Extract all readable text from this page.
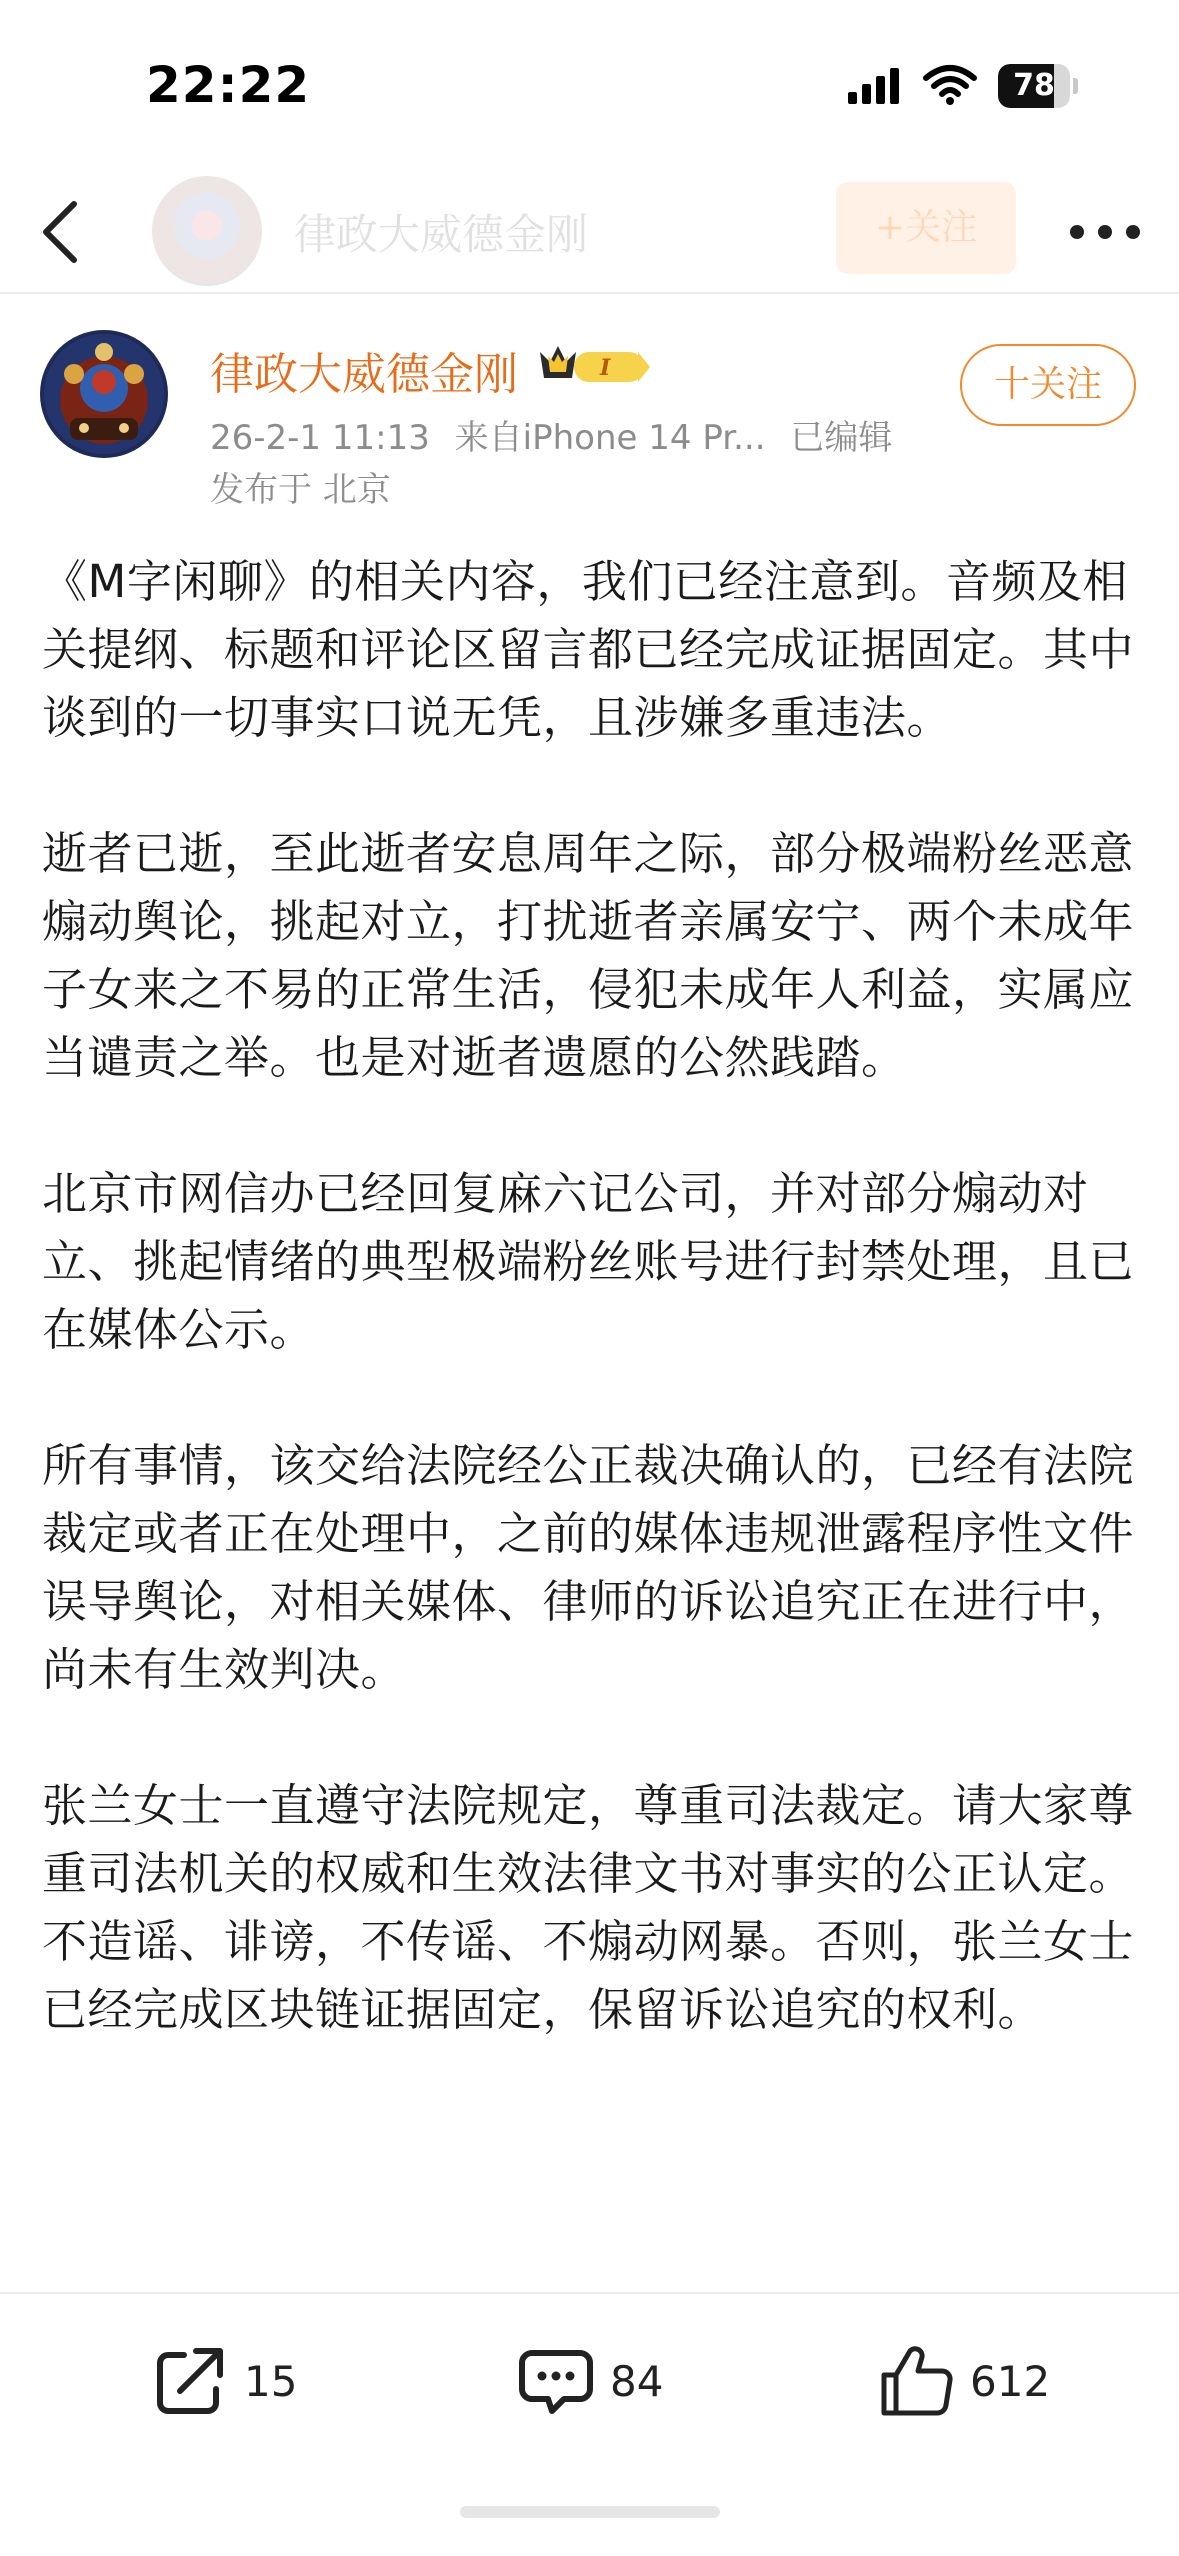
22:22	78
律政大威德金刚	+关注
律政大威德金刚	I
26-2-1 11:13 来自iPhone 14 Pr... 已编辑
发布于 北京
十关注

《M字闲聊》的相关内容，我们已经注意到。音频及相关提纲、标题和评论区留言都已经完成证据固定。其中谈到的一切事实口说无凭，且涉嫌多重违法。

逝者已逝，至此逝者安息周年之际，部分极端粉丝恶意煽动舆论，挑起对立，打扰逝者亲属安宁、两个未成年子女来之不易的正常生活，侵犯未成年人利益，实属应当谴责之举。也是对逝者遗愿的公然践踏。

北京市网信办已经回复麻六记公司，并对部分煽动对立、挑起情绪的典型极端粉丝账号进行封禁处理，且已在媒体公示。

所有事情，该交给法院经公正裁决确认的，已经有法院裁定或者正在处理中，之前的媒体违规泄露程序性文件误导舆论，对相关媒体、律师的诉讼追究正在进行中，尚未有生效判决。

张兰女士一直遵守法院规定，尊重司法裁定。请大家尊重司法机关的权威和生效法律文书对事实的公正认定。不造谣、诽谤，不传谣、不煽动网暴。否则，张兰女士已经完成区块链证据固定，保留诉讼追究的权利。

15	84	612
